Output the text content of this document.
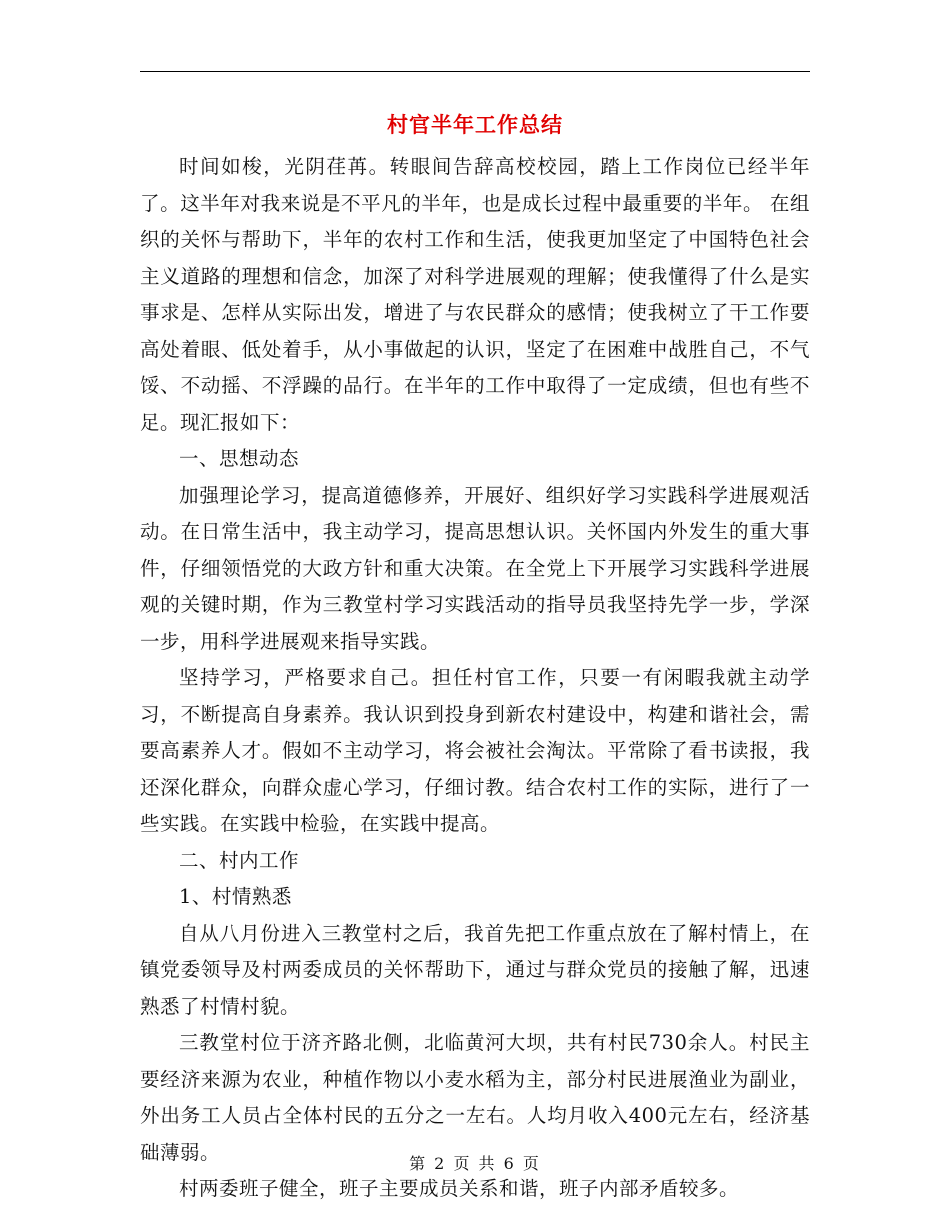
村官半年工作总结

时间如梭，光阴荏苒。转眼间告辞高校校园，踏上工作岗位已经半年了。这半年对我来说是不平凡的半年，也是成长过程中最重要的半年。 在组织的关怀与帮助下，半年的农村工作和生活，使我更加坚定了中国特色社会主义道路的理想和信念，加深了对科学进展观的理解；使我懂得了什么是实事求是、怎样从实际出发，增进了与农民群众的感情；使我树立了干工作要高处着眼、低处着手，从小事做起的认识，坚定了在困难中战胜自己，不气馁、不动摇、不浮躁的品行。在半年的工作中取得了一定成绩，但也有些不足。现汇报如下：

一、思想动态

加强理论学习，提高道德修养，开展好、组织好学习实践科学进展观活动。在日常生活中，我主动学习，提高思想认识。关怀国内外发生的重大事件，仔细领悟党的大政方针和重大决策。在全党上下开展学习实践科学进展观的关键时期，作为三教堂村学习实践活动的指导员我坚持先学一步，学深一步，用科学进展观来指导实践。

坚持学习，严格要求自己。担任村官工作，只要一有闲暇我就主动学习，不断提高自身素养。我认识到投身到新农村建设中，构建和谐社会，需要高素养人才。假如不主动学习，将会被社会淘汰。平常除了看书读报，我还深化群众，向群众虚心学习，仔细讨教。结合农村工作的实际，进行了一些实践。在实践中检验，在实践中提高。

二、村内工作

1、村情熟悉

自从八月份进入三教堂村之后，我首先把工作重点放在了解村情上，在镇党委领导及村两委成员的关怀帮助下，通过与群众党员的接触了解，迅速熟悉了村情村貌。

三教堂村位于济齐路北侧，北临黄河大坝，共有村民730余人。村民主要经济来源为农业，种植作物以小麦水稻为主，部分村民进展渔业为副业，外出务工人员占全体村民的五分之一左右。人均月收入400元左右，经济基础薄弱。

村两委班子健全，班子主要成员关系和谐，班子内部矛盾较多。

第 2 页 共 6 页
